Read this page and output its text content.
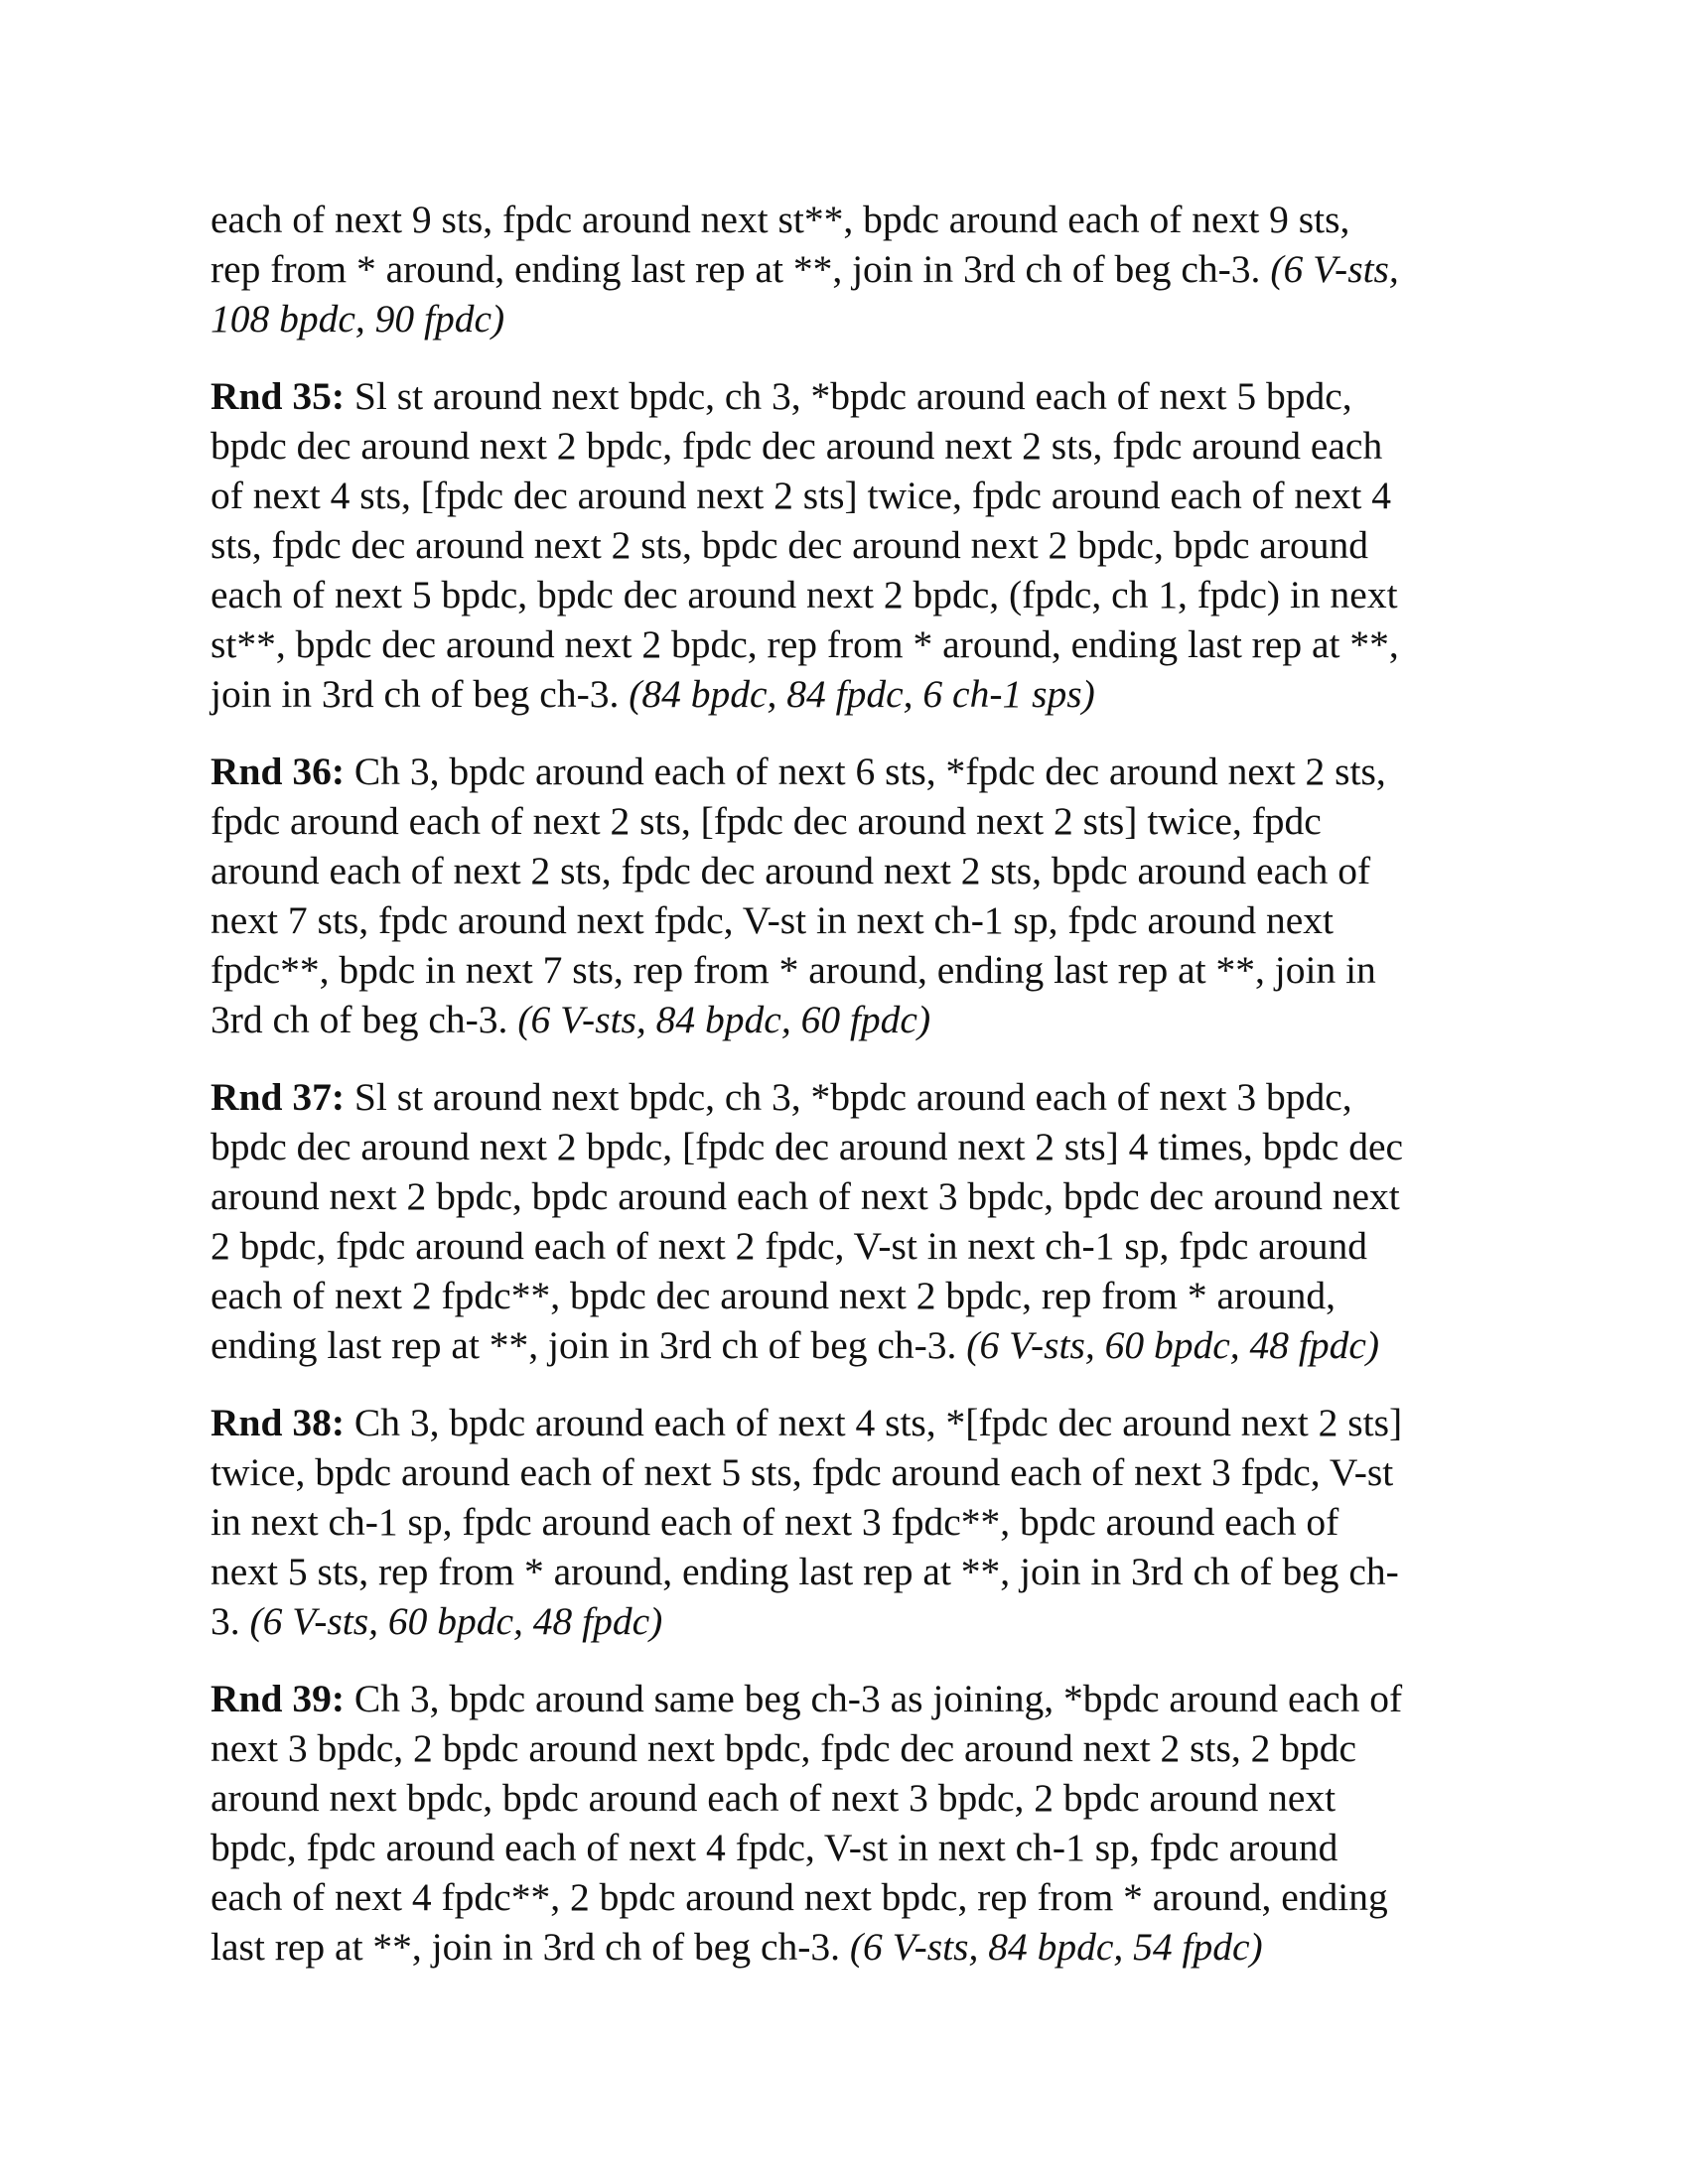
each of next 9 sts, fpdc around next st**, bpdc around each of next 9 sts,
rep from * around, ending last rep at **, join in 3rd ch of beg ch-3. (6 V-sts,
108 bpdc, 90 fpdc)

Rnd 35: Sl st around next bpdc, ch 3, *bpdc around each of next 5 bpdc,
bpdc dec around next 2 bpdc, fpdc dec around next 2 sts, fpdc around each
of next 4 sts, [fpdc dec around next 2 sts] twice, fpdc around each of next 4
sts, fpdc dec around next 2 sts, bpdc dec around next 2 bpdc, bpdc around
each of next 5 bpdc, bpdc dec around next 2 bpdc, (fpdc, ch 1, fpdc) in next
st**, bpdc dec around next 2 bpdc, rep from * around, ending last rep at **,
join in 3rd ch of beg ch-3. (84 bpdc, 84 fpdc, 6 ch-1 sps)

Rnd 36: Ch 3, bpdc around each of next 6 sts, *fpdc dec around next 2 sts,
fpdc around each of next 2 sts, [fpdc dec around next 2 sts] twice, fpdc
around each of next 2 sts, fpdc dec around next 2 sts, bpdc around each of
next 7 sts, fpdc around next fpdc, V-st in next ch-1 sp, fpdc around next
fpdc**, bpdc in next 7 sts, rep from * around, ending last rep at **, join in
3rd ch of beg ch-3. (6 V-sts, 84 bpdc, 60 fpdc)

Rnd 37: Sl st around next bpdc, ch 3, *bpdc around each of next 3 bpdc,
bpdc dec around next 2 bpdc, [fpdc dec around next 2 sts] 4 times, bpdc dec
around next 2 bpdc, bpdc around each of next 3 bpdc, bpdc dec around next
2 bpdc, fpdc around each of next 2 fpdc, V-st in next ch-1 sp, fpdc around
each of next 2 fpdc**, bpdc dec around next 2 bpdc, rep from * around,
ending last rep at **, join in 3rd ch of beg ch-3. (6 V-sts, 60 bpdc, 48 fpdc)

Rnd 38: Ch 3, bpdc around each of next 4 sts, *[fpdc dec around next 2 sts]
twice, bpdc around each of next 5 sts, fpdc around each of next 3 fpdc, V-st
in next ch-1 sp, fpdc around each of next 3 fpdc**, bpdc around each of
next 5 sts, rep from * around, ending last rep at **, join in 3rd ch of beg ch-
3. (6 V-sts, 60 bpdc, 48 fpdc)

Rnd 39: Ch 3, bpdc around same beg ch-3 as joining, *bpdc around each of
next 3 bpdc, 2 bpdc around next bpdc, fpdc dec around next 2 sts, 2 bpdc
around next bpdc, bpdc around each of next 3 bpdc, 2 bpdc around next
bpdc, fpdc around each of next 4 fpdc, V-st in next ch-1 sp, fpdc around
each of next 4 fpdc**, 2 bpdc around next bpdc, rep from * around, ending
last rep at **, join in 3rd ch of beg ch-3. (6 V-sts, 84 bpdc, 54 fpdc)
